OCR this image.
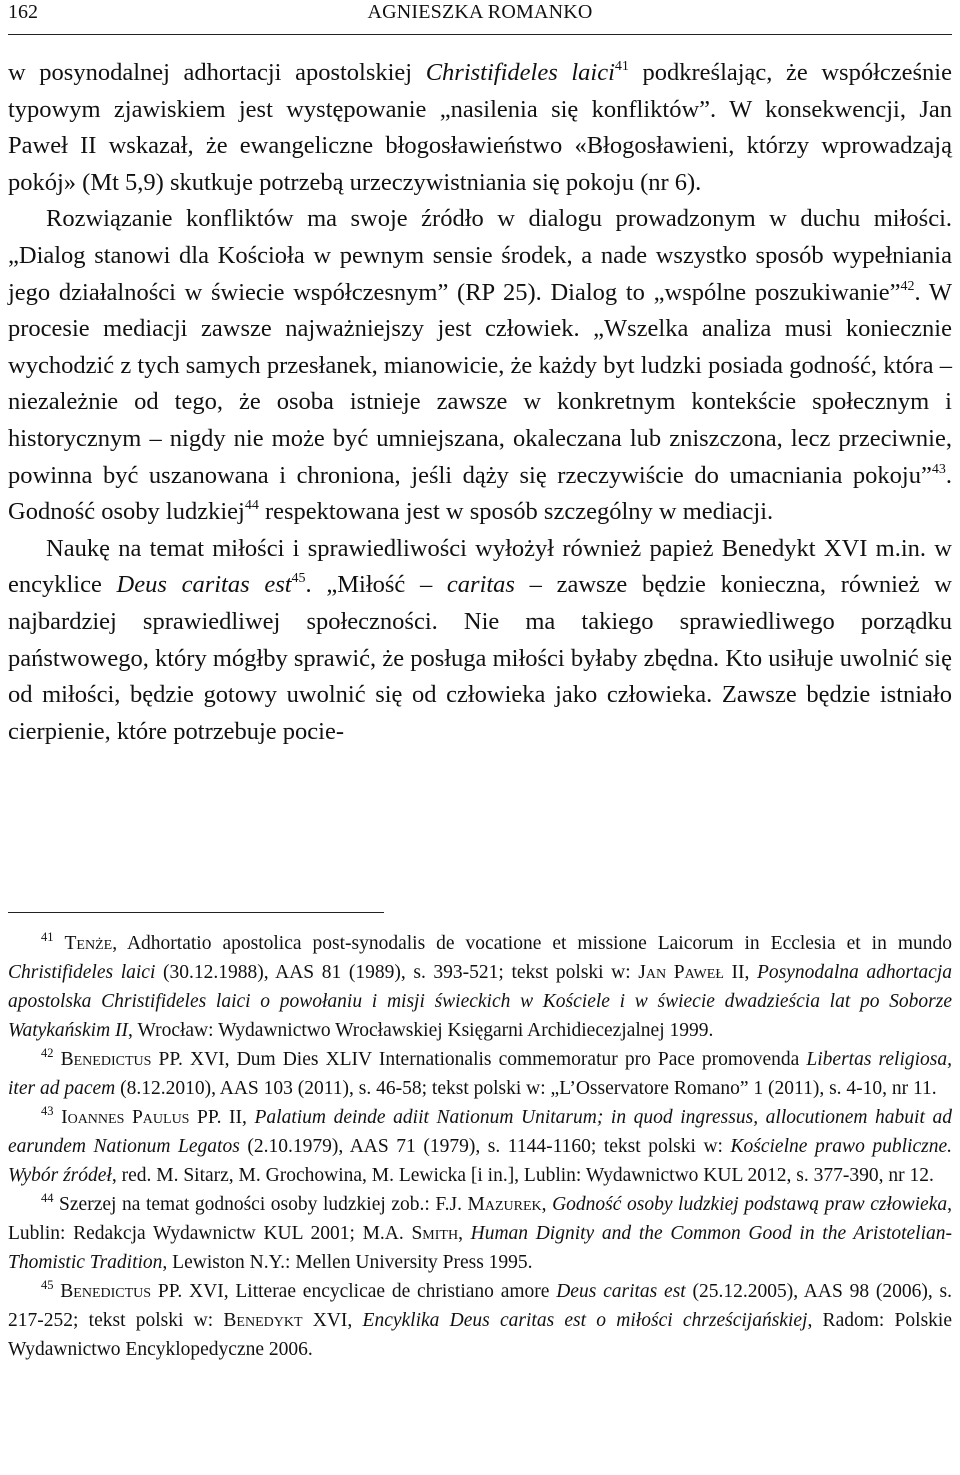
162	AGNIESZKA ROMANKO

w posynodalnej adhortacji apostolskiej Christifideles laici$^{41}$ podkreślając, że współcześnie typowym zjawiskiem jest występowanie „nasilenia się konfliktów”. W konsekwencji, Jan Paweł II wskazał, że ewangeliczne błogosławieństwo «Błogosławieni, którzy wprowadzają pokój» (Mt 5,9) skutkuje potrzebą urzeczywistniania się pokoju (nr 6).

Rozwiązanie konfliktów ma swoje źródło w dialogu prowadzonym w duchu miłości. „Dialog stanowi dla Kościoła w pewnym sensie środek, a nade wszystko sposób wypełniania jego działalności w świecie współczesnym” (RP 25). Dialog to „wspólne poszukiwanie”$^{42}$. W procesie mediacji zawsze najważniejszy jest człowiek. „Wszelka analiza musi koniecznie wychodzić z tych samych przesłanek, mianowicie, że każdy byt ludzki posiada godność, która – niezależnie od tego, że osoba istnieje zawsze w konkretnym kontekście społecznym i historycznym – nigdy nie może być umniejszana, okaleczana lub zniszczona, lecz przeciwnie, powinna być uszanowana i chroniona, jeśli dąży się rzeczywiście do umacniania pokoju”$^{43}$. Godność osoby ludzkiej$^{44}$ respektowana jest w sposób szczególny w mediacji.

Naukę na temat miłości i sprawiedliwości wyłożył również papież Benedykt XVI m.in. w encyklice Deus caritas est$^{45}$. „Miłość – caritas – zawsze będzie konieczna, również w najbardziej sprawiedliwej społeczności. Nie ma takiego sprawiedliwego porządku państwowego, który mógłby sprawić, że posługa miłości byłaby zbędna. Kto usiłuje uwolnić się od miłości, będzie gotowy uwolnić się od człowieka jako człowieka. Zawsze będzie istniało cierpienie, które potrzebuje pocie-

$^{41}$ Tenże, Adhortatio apostolica post-synodalis de vocatione et missione Laicorum in Ecclesia et in mundo Christifideles laici (30.12.1988), AAS 81 (1989), s. 393-521; tekst polski w: Jan Paweł II, Posynodalna adhortacja apostolska Christifideles laici o powołaniu i misji świeckich w Kościele i w świecie dwadzieścia lat po Soborze Watykańskim II, Wrocław: Wydawnictwo Wrocławskiej Księgarni Archidiecezjalnej 1999.

$^{42}$ Benedictus PP. XVI, Dum Dies XLIV Internationalis commemoratur pro Pace promovenda Libertas religiosa, iter ad pacem (8.12.2010), AAS 103 (2011), s. 46-58; tekst polski w: „L’Osservatore Romano” 1 (2011), s. 4-10, nr 11.

$^{43}$ Ioannes Paulus PP. II, Palatium deinde adiit Nationum Unitarum; in quod ingressus, allocutionem habuit ad earundem Nationum Legatos (2.10.1979), AAS 71 (1979), s. 1144-1160; tekst polski w: Kościelne prawo publiczne. Wybór źródeł, red. M. Sitarz, M. Grochowina, M. Lewicka [i in.], Lublin: Wydawnictwo KUL 2012, s. 377-390, nr 12.

$^{44}$ Szerzej na temat godności osoby ludzkiej zob.: F.J. Mazurek, Godność osoby ludzkiej podstawą praw człowieka, Lublin: Redakcja Wydawnictw KUL 2001; M.A. Smith, Human Dignity and the Common Good in the Aristotelian-Thomistic Tradition, Lewiston N.Y.: Mellen University Press 1995.

$^{45}$ Benedictus PP. XVI, Litterae encyclicae de christiano amore Deus caritas est (25.12.2005), AAS 98 (2006), s. 217-252; tekst polski w: Benedykt XVI, Encyklika Deus caritas est o miłości chrześcijańskiej, Radom: Polskie Wydawnictwo Encyklopedyczne 2006.
